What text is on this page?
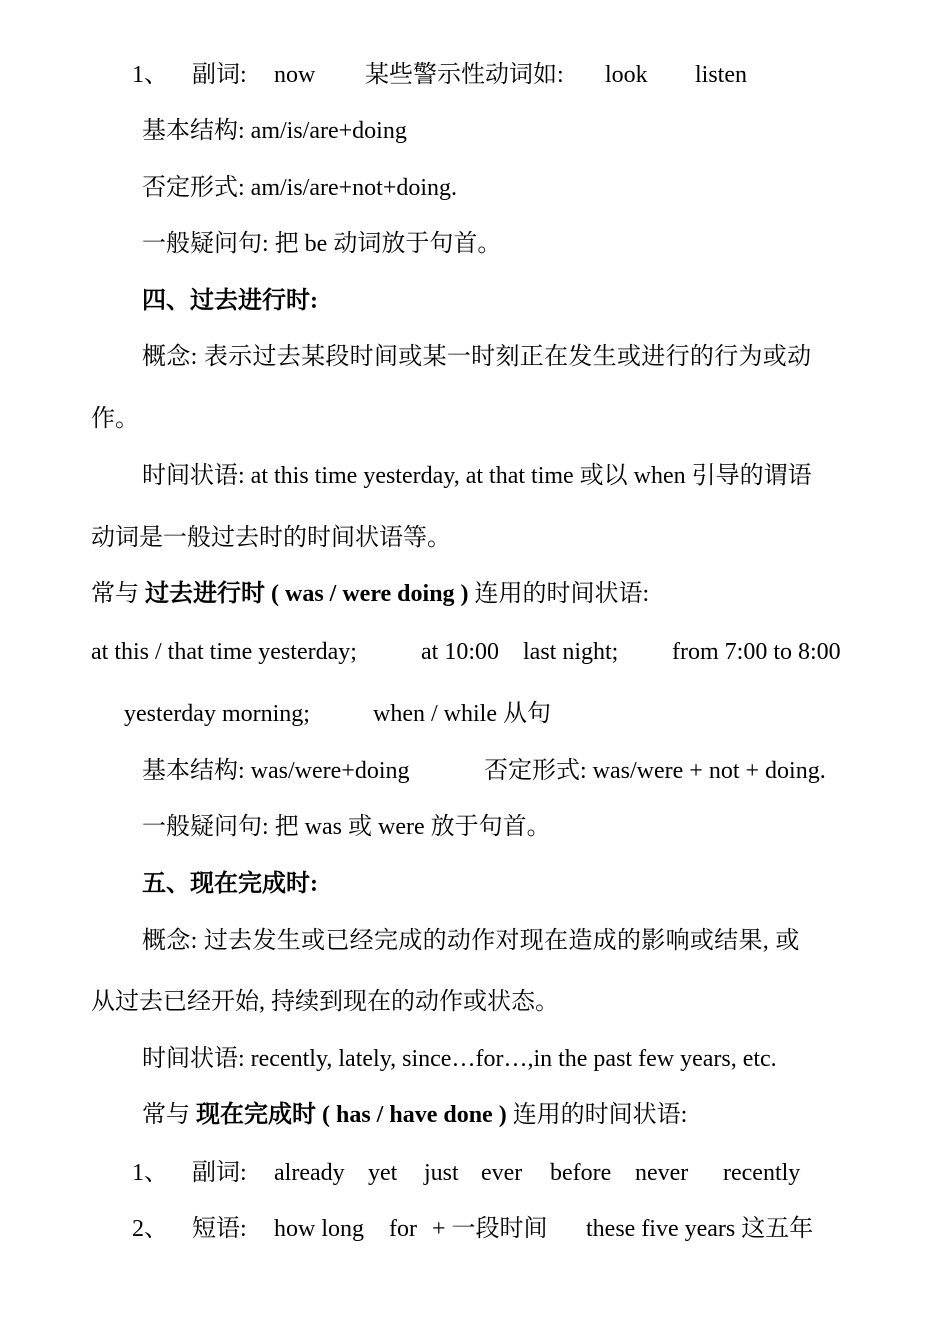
1、 副词: now 某些警示性动词如: look listen
基本结构: am/is/are+doing
否定形式: am/is/are+not+doing.
一般疑问句: 把 be 动词放于句首。
四、过去进行时:
概念: 表示过去某段时间或某一时刻正在发生或进行的行为或动
作。
时间状语: at this time yesterday, at that time 或以 when 引导的谓语
动词是一般过去时的时间状语等。
常与 过去进行时 ( was / were doing ) 连用的时间状语:
at this / that time yesterday;	at 10:00 last night; from 7:00 to 8:00
yesterday morning;	when / while 从句
基本结构: was/were+doing	否定形式: was/were + not + doing.
一般疑问句: 把 was 或 were 放于句首。
五、现在完成时:
概念: 过去发生或已经完成的动作对现在造成的影响或结果, 或
从过去已经开始, 持续到现在的动作或状态。
时间状语: recently, lately, since…for…,in the past few years, etc.
常与 现在完成时 ( has / have done ) 连用的时间状语:
1、 副词: already yet just ever before never recently
2、 短语: how long for + 一段时间 these five years 这五年
